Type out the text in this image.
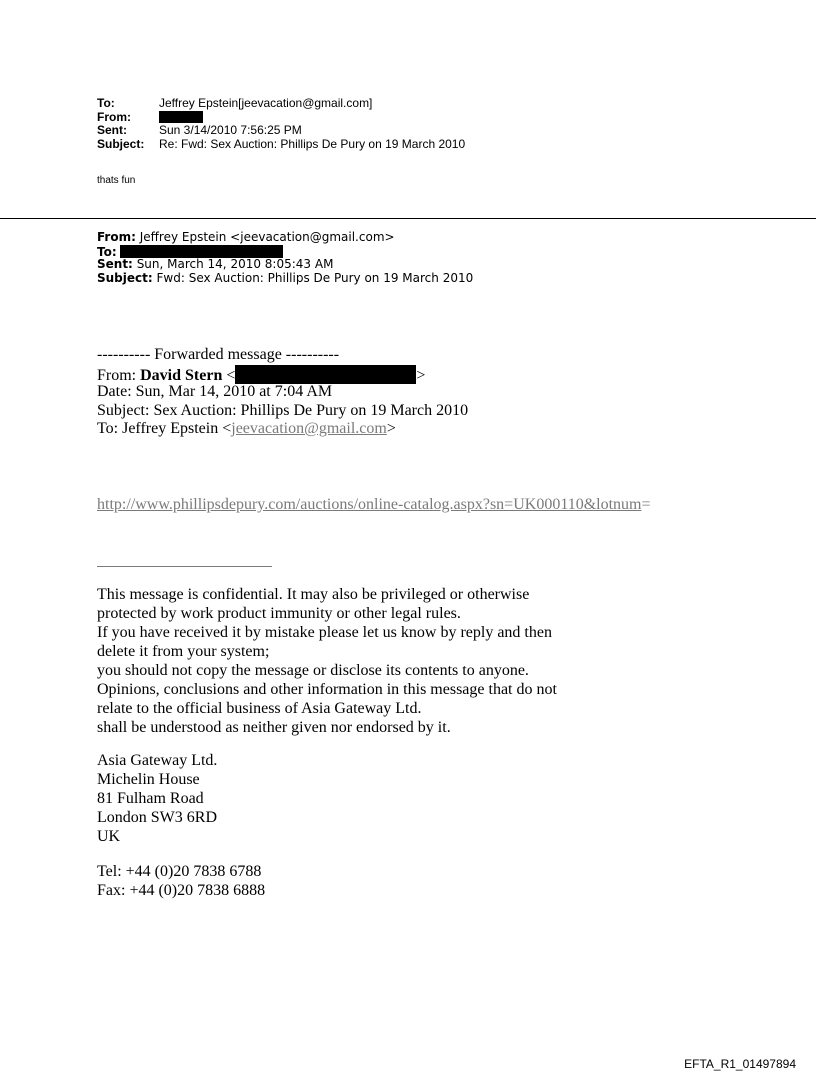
To:	Jeffrey Epstein[jeevacation@gmail.com]
From:
Sent:	Sun 3/14/2010 7:56:25 PM
Subject: Re: Fwd: Sex Auction: Phillips De Pury on 19 March 2010
thats fun
From: Jeffrey Epstein <jeevacation@gmail.com>
To:
Sent: Sun, March 14, 2010 8:05:43 AM
Subject: Fwd: Sex Auction: Phillips De Pury on 19 March 2010
---------- Forwarded message ----------
From: David Stern <	>
Date: Sun, Mar 14, 2010 at 7:04 AM
Subject: Sex Auction: Phillips De Pury on 19 March 2010
To: Jeffrey Epstein <jeevacation@gmail.com>
http://www.phillipsdepury.com/auctions/online-catalog.aspx?sn=UK000110&lotnum=
This message is confidential. It may also be privileged or otherwise
protected by work product immunity or other legal rules.
If you have received it by mistake please let us know by reply and then
delete it from your system;
you should not copy the message or disclose its contents to anyone.
Opinions, conclusions and other information in this message that do not
relate to the official business of Asia Gateway Ltd.
shall be understood as neither given nor endorsed by it.
Asia Gateway Ltd.
Michelin House
81 Fulham Road
London SW3 6RD
UK
Tel: +44 (0)20 7838 6788
Fax: +44 (0)20 7838 6888
EFTA_R1_01497894
